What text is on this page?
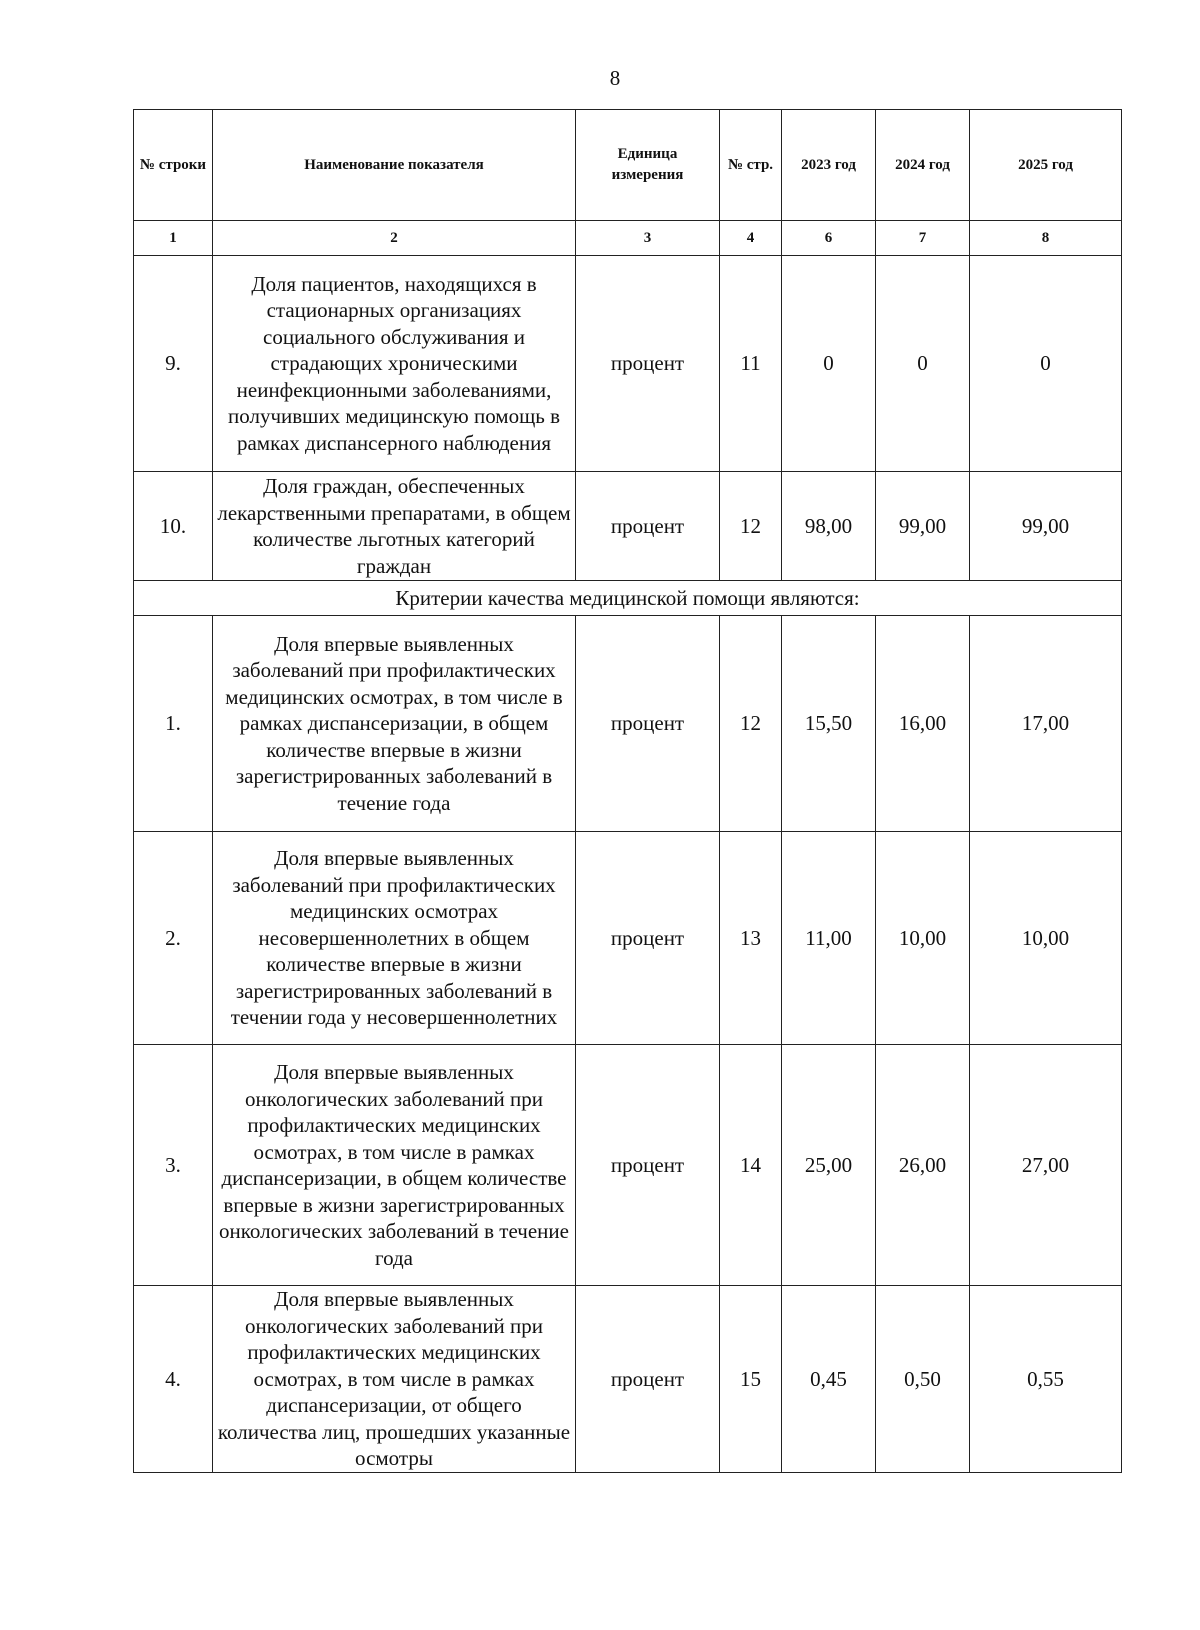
8
№ строки	Наименование показателя	Единица измерения	№ стр.	2023 год	2024 год	2025 год
1	2	3	4	6	7	8
9.	Доля пациентов, находящихся в стационарных организациях социального обслуживания и страдающих хроническими неинфекционными заболеваниями, получивших медицинскую помощь в рамках диспансерного наблюдения	процент	11	0	0	0
10.	Доля граждан, обеспеченных лекарственными препаратами, в общем количестве льготных категорий граждан	процент	12	98,00	99,00	99,00
Критерии качества медицинской помощи являются:						
1.	Доля впервые выявленных заболеваний при профилактических медицинских осмотрах, в том числе в рамках диспансеризации, в общем количестве впервые в жизни зарегистрированных заболеваний в течение года	процент	12	15,50	16,00	17,00
2.	Доля впервые выявленных заболеваний при профилактических медицинских осмотрах несовершеннолетних в общем количестве впервые в жизни зарегистрированных заболеваний в течении года у несовершеннолетних	процент	13	11,00	10,00	10,00
3.	Доля впервые выявленных онкологических заболеваний при профилактических медицинских осмотрах, в том числе в рамках диспансеризации, в общем количестве впервые в жизни зарегистрированных онкологических заболеваний в течение года	процент	14	25,00	26,00	27,00
4.	Доля впервые выявленных онкологических заболеваний при профилактических медицинских осмотрах, в том числе в рамках диспансеризации, от общего количества лиц, прошедших указанные осмотры	процент	15	0,45	0,50	0,55
